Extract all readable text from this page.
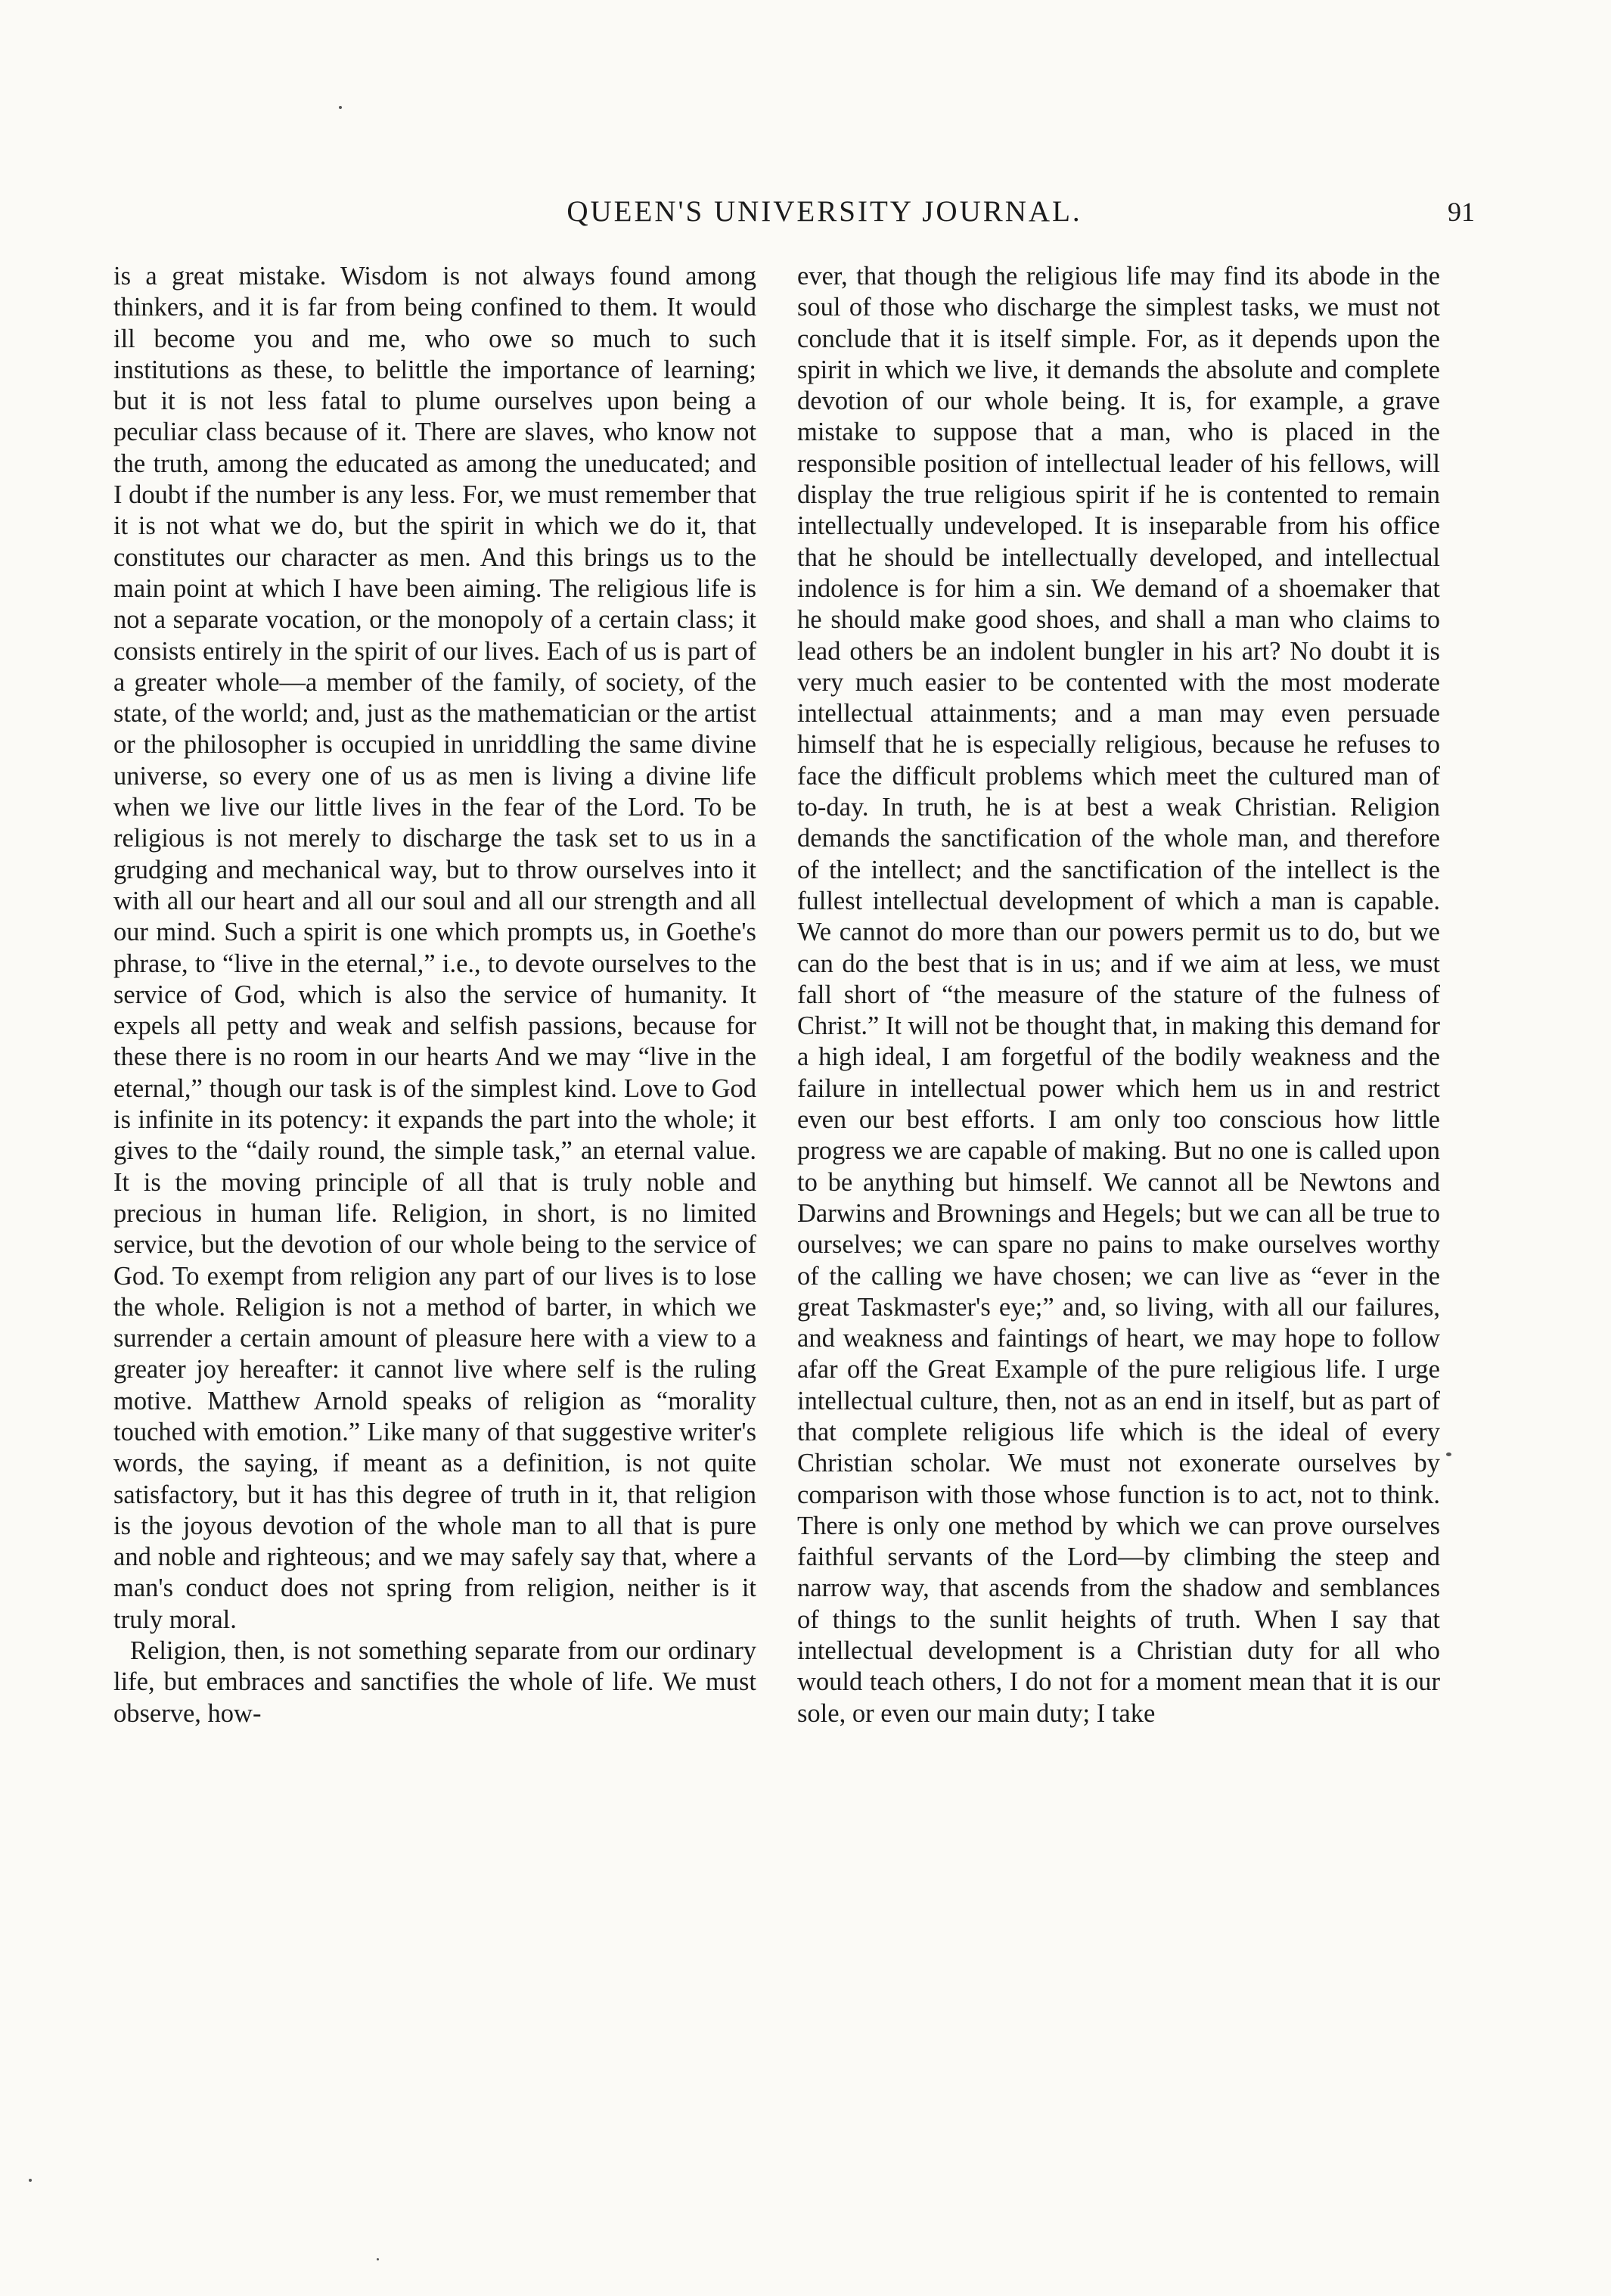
QUEEN'S UNIVERSITY JOURNAL.	91

is a great mistake. Wisdom is not always found among thinkers, and it is far from being confined to them. It would ill become you and me, who owe so much to such institutions as these, to belittle the importance of learning; but it is not less fatal to plume ourselves upon being a peculiar class because of it. There are slaves, who know not the truth, among the educated as among the uneducated; and I doubt if the number is any less. For, we must remember that it is not what we do, but the spirit in which we do it, that constitutes our character as men. And this brings us to the main point at which I have been aiming. The religious life is not a separate vocation, or the monopoly of a certain class; it consists entirely in the spirit of our lives. Each of us is part of a greater whole—a member of the family, of society, of the state, of the world; and, just as the mathematician or the artist or the philosopher is occupied in unriddling the same divine universe, so every one of us as men is living a divine life when we live our little lives in the fear of the Lord. To be religious is not merely to discharge the task set to us in a grudging and mechanical way, but to throw ourselves into it with all our heart and all our soul and all our strength and all our mind. Such a spirit is one which prompts us, in Goethe's phrase, to “live in the eternal,” i.e., to devote ourselves to the service of God, which is also the service of humanity. It expels all petty and weak and selfish passions, because for these there is no room in our hearts And we may “live in the eternal,” though our task is of the simplest kind. Love to God is infinite in its potency: it expands the part into the whole; it gives to the “daily round, the simple task,” an eternal value. It is the moving principle of all that is truly noble and precious in human life. Religion, in short, is no limited service, but the devotion of our whole being to the service of God. To exempt from religion any part of our lives is to lose the whole. Religion is not a method of barter, in which we surrender a certain amount of pleasure here with a view to a greater joy hereafter: it cannot live where self is the ruling motive. Matthew Arnold speaks of religion as “morality touched with emotion.” Like many of that suggestive writer's words, the saying, if meant as a definition, is not quite satisfactory, but it has this degree of truth in it, that religion is the joyous devotion of the whole man to all that is pure and noble and righteous; and we may safely say that, where a man's conduct does not spring from religion, neither is it truly moral.

Religion, then, is not something separate from our ordinary life, but embraces and sanctifies the whole of life. We must observe, how-

ever, that though the religious life may find its abode in the soul of those who discharge the simplest tasks, we must not conclude that it is itself simple. For, as it depends upon the spirit in which we live, it demands the absolute and complete devotion of our whole being. It is, for example, a grave mistake to suppose that a man, who is placed in the responsible position of intellectual leader of his fellows, will display the true religious spirit if he is contented to remain intellectually undeveloped. It is inseparable from his office that he should be intellectually developed, and intellectual indolence is for him a sin. We demand of a shoemaker that he should make good shoes, and shall a man who claims to lead others be an indolent bungler in his art? No doubt it is very much easier to be contented with the most moderate intellectual attainments; and a man may even persuade himself that he is especially religious, because he refuses to face the difficult problems which meet the cultured man of to-day. In truth, he is at best a weak Christian. Religion demands the sanctification of the whole man, and therefore of the intellect; and the sanctification of the intellect is the fullest intellectual development of which a man is capable. We cannot do more than our powers permit us to do, but we can do the best that is in us; and if we aim at less, we must fall short of “the measure of the stature of the fulness of Christ.” It will not be thought that, in making this demand for a high ideal, I am forgetful of the bodily weakness and the failure in intellectual power which hem us in and restrict even our best efforts. I am only too conscious how little progress we are capable of making. But no one is called upon to be anything but himself. We cannot all be Newtons and Darwins and Brownings and Hegels; but we can all be true to ourselves; we can spare no pains to make ourselves worthy of the calling we have chosen; we can live as “ever in the great Taskmaster's eye;” and, so living, with all our failures, and weakness and faintings of heart, we may hope to follow afar off the Great Example of the pure religious life. I urge intellectual culture, then, not as an end in itself, but as part of that complete religious life which is the ideal of every Christian scholar. We must not exonerate ourselves by comparison with those whose function is to act, not to think. There is only one method by which we can prove ourselves faithful servants of the Lord—by climbing the steep and narrow way, that ascends from the shadow and semblances of things to the sunlit heights of truth. When I say that intellectual development is a Christian duty for all who would teach others, I do not for a moment mean that it is our sole, or even our main duty; I take
